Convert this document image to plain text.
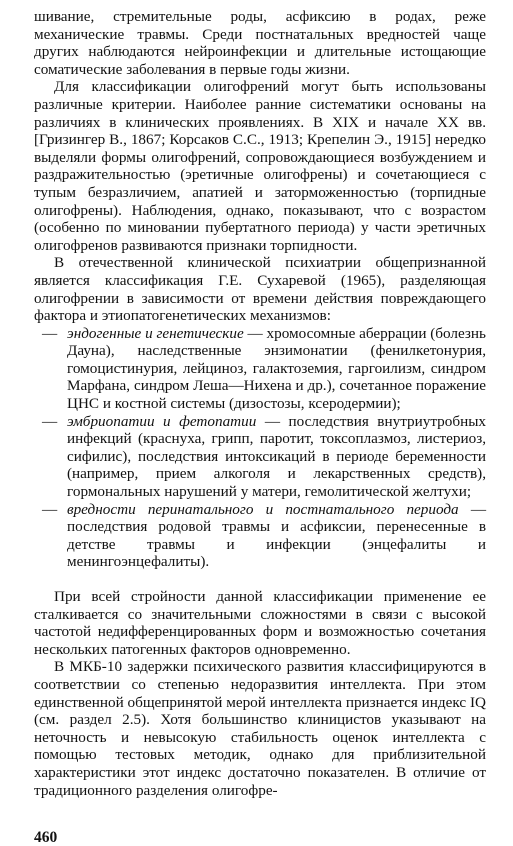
шивание, стремительные роды, асфиксию в родах, реже механические травмы. Среди постнатальных вредностей чаще других наблюдаются нейроинфекции и длительные истощающие соматические заболевания в первые годы жизни.

Для классификации олигофрений могут быть использованы различные критерии. Наиболее ранние систематики основаны на различиях в клинических проявлениях. В XIX и начале XX вв. [Гризингер В., 1867; Корсаков С.С., 1913; Крепелин Э., 1915] нередко выделяли формы олигофрений, сопровождающиеся возбуждением и раздражительностью (эретичные олигофрены) и сочетающиеся с тупым безразличием, апатией и заторможенностью (торпидные олигофрены). Наблюдения, однако, показывают, что с возрастом (особенно по миновании пубертатного периода) у части эретичных олигофренов развиваются признаки торпидности.

В отечественной клинической психиатрии общепризнанной является классификация Г.Е. Сухаревой (1965), разделяющая олигофрении в зависимости от времени действия повреждающего фактора и этиопатогенетических механизмов:

— эндогенные и генетические — хромосомные аберрации (болезнь Дауна), наследственные энзимонатии (фенилкетонурия, гомоцистинурия, лейциноз, галактоземия, гаргоилизм, синдром Марфана, синдром Леша—Нихена и др.), сочетанное поражение ЦНС и костной системы (дизостозы, ксеродермии);
— эмбриопатии и фетопатии — последствия внутриутробных инфекций (краснуха, грипп, паротит, токсоплазмоз, листериоз, сифилис), последствия интоксикаций в периоде беременности (например, прием алкоголя и лекарственных средств), гормональных нарушений у матери, гемолитической желтухи;
— вредности перинатального и постнатального периода — последствия родовой травмы и асфиксии, перенесенные в детстве травмы и инфекции (энцефалиты и менингоэнцефалиты).

При всей стройности данной классификации применение ее сталкивается со значительными сложностями в связи с высокой частотой недифференцированных форм и возможностью сочетания нескольких патогенных факторов одновременно.

В МКБ-10 задержки психического развития классифицируются в соответствии со степенью недоразвития интеллекта. При этом единственной общепринятой мерой интеллекта признается индекс IQ (см. раздел 2.5). Хотя большинство клиницистов указывают на неточность и невысокую стабильность оценок интеллекта с помощью тестовых методик, однако для приблизительной характеристики этот индекс достаточно показателен. В отличие от традиционного разделения олигофре-

460
